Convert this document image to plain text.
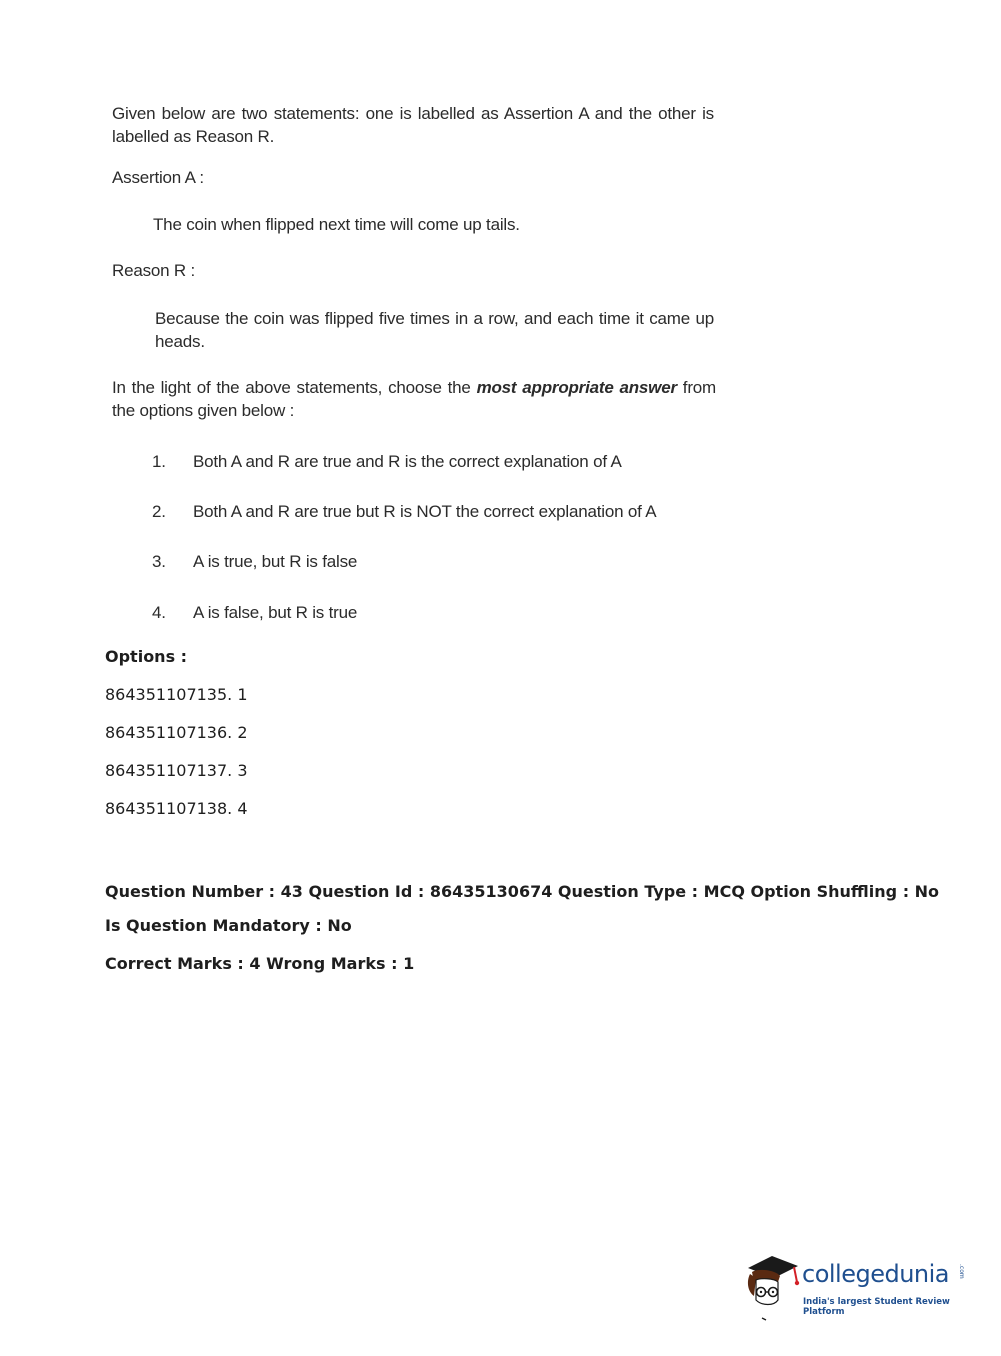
Given below are two statements: one is labelled as Assertion A and the other is labelled as Reason R.

Assertion A :

The coin when flipped next time will come up tails.

Reason R :

Because the coin was flipped five times in a row, and each time it came up heads.

In the light of the above statements, choose the most appropriate answer from the options given below :

1. Both A and R are true and R is the correct explanation of A

2. Both A and R are true but R is NOT the correct explanation of A

3. A is true, but R is false

4. A is false, but R is true

Options :
864351107135. 1
864351107136. 2
864351107137. 3
864351107138. 4
Question Number : 43 Question Id : 86435130674 Question Type : MCQ Option Shuffling : No
Is Question Mandatory : No
Correct Marks : 4 Wrong Marks : 1
collegedunia .com
India's largest Student Review Platform
